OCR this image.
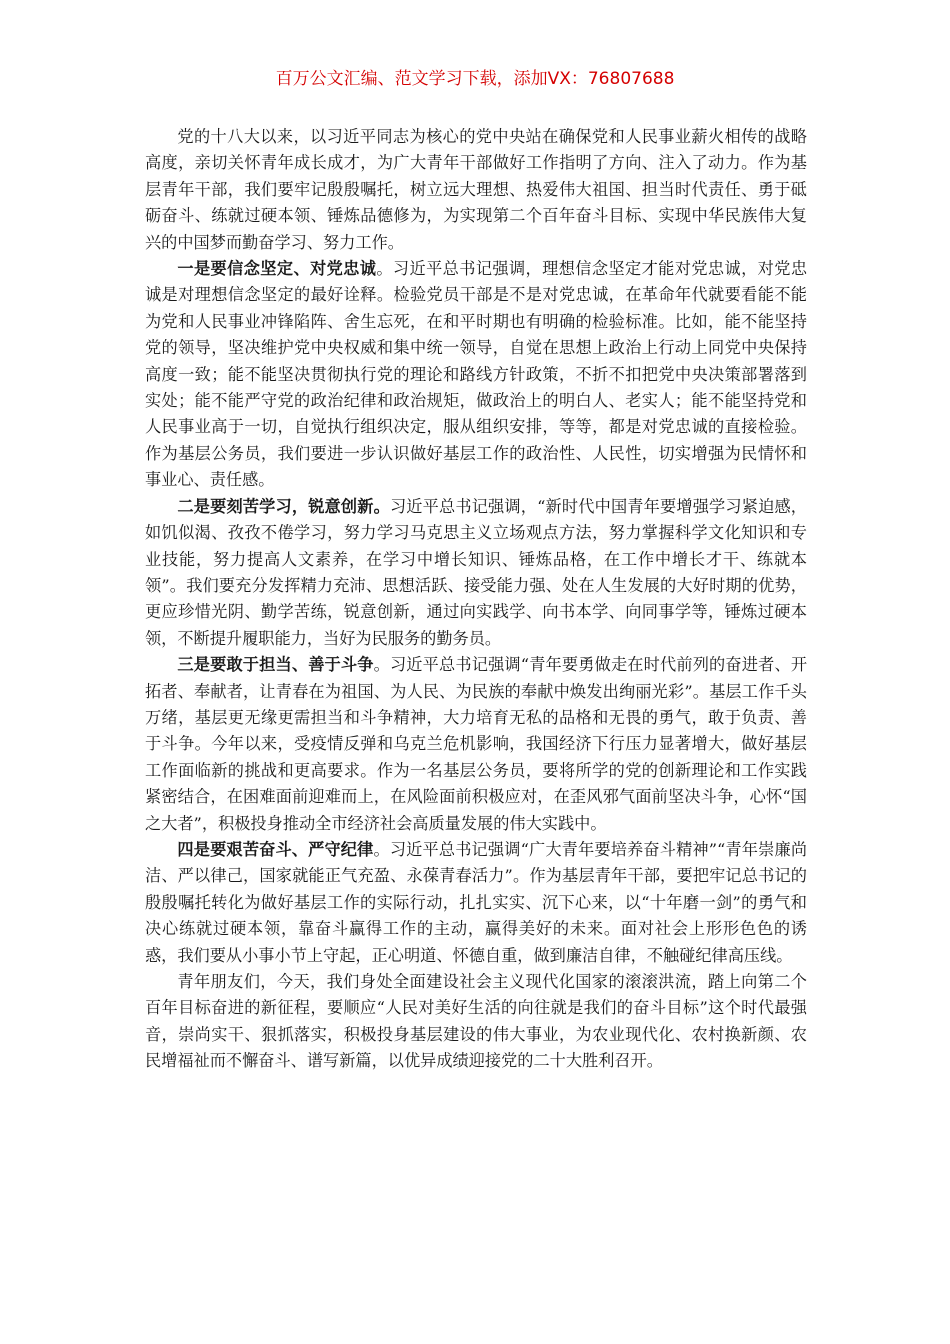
百万公文汇编、范文学习下载，添加VX：76807688

党的十八大以来，以习近平同志为核心的党中央站在确保党和人民事业薪火相传的战略高度，亲切关怀青年成长成才，为广大青年干部做好工作指明了方向、注入了动力。作为基层青年干部，我们要牢记殷殷嘱托，树立远大理想、热爱伟大祖国、担当时代责任、勇于砥砺奋斗、练就过硬本领、锤炼品德修为，为实现第二个百年奋斗目标、实现中华民族伟大复兴的中国梦而勤奋学习、努力工作。

一是要信念坚定、对党忠诚。习近平总书记强调，理想信念坚定才能对党忠诚，对党忠诚是对理想信念坚定的最好诠释。检验党员干部是不是对党忠诚，在革命年代就要看能不能为党和人民事业冲锋陷阵、舍生忘死，在和平时期也有明确的检验标准。比如，能不能坚持党的领导，坚决维护党中央权威和集中统一领导，自觉在思想上政治上行动上同党中央保持高度一致；能不能坚决贯彻执行党的理论和路线方针政策，不折不扣把党中央决策部署落到实处；能不能严守党的政治纪律和政治规矩，做政治上的明白人、老实人；能不能坚持党和人民事业高于一切，自觉执行组织决定，服从组织安排，等等，都是对党忠诚的直接检验。作为基层公务员，我们要进一步认识做好基层工作的政治性、人民性，切实增强为民情怀和事业心、责任感。

二是要刻苦学习，锐意创新。习近平总书记强调，“新时代中国青年要增强学习紧迫感，如饥似渴、孜孜不倦学习，努力学习马克思主义立场观点方法，努力掌握科学文化知识和专业技能，努力提高人文素养，在学习中增长知识、锤炼品格，在工作中增长才干、练就本领”。我们要充分发挥精力充沛、思想活跃、接受能力强、处在人生发展的大好时期的优势，更应珍惜光阴、勤学苦练，锐意创新，通过向实践学、向书本学、向同事学等，锤炼过硬本领，不断提升履职能力，当好为民服务的勤务员。

三是要敢于担当、善于斗争。习近平总书记强调“青年要勇做走在时代前列的奋进者、开拓者、奉献者，让青春在为祖国、为人民、为民族的奉献中焕发出绚丽光彩”。基层工作千头万绪，基层更无缘更需担当和斗争精神，大力培育无私的品格和无畏的勇气，敢于负责、善于斗争。今年以来，受疫情反弹和乌克兰危机影响，我国经济下行压力显著增大，做好基层工作面临新的挑战和更高要求。作为一名基层公务员，要将所学的党的创新理论和工作实践紧密结合，在困难面前迎难而上，在风险面前积极应对，在歪风邪气面前坚决斗争，心怀“国之大者”，积极投身推动全市经济社会高质量发展的伟大实践中。

四是要艰苦奋斗、严守纪律。习近平总书记强调“广大青年要培养奋斗精神”“青年崇廉尚洁、严以律己，国家就能正气充盈、永葆青春活力”。作为基层青年干部，要把牢记总书记的殷殷嘱托转化为做好基层工作的实际行动，扎扎实实、沉下心来，以“十年磨一剑”的勇气和决心练就过硬本领，靠奋斗赢得工作的主动，赢得美好的未来。面对社会上形形色色的诱惑，我们要从小事小节上守起，正心明道、怀德自重，做到廉洁自律，不触碰纪律高压线。

青年朋友们，今天，我们身处全面建设社会主义现代化国家的滚滚洪流，踏上向第二个百年目标奋进的新征程，要顺应“人民对美好生活的向往就是我们的奋斗目标”这个时代最强音，崇尚实干、狠抓落实，积极投身基层建设的伟大事业，为农业现代化、农村换新颜、农民增福祉而不懈奋斗、谱写新篇，以优异成绩迎接党的二十大胜利召开。
